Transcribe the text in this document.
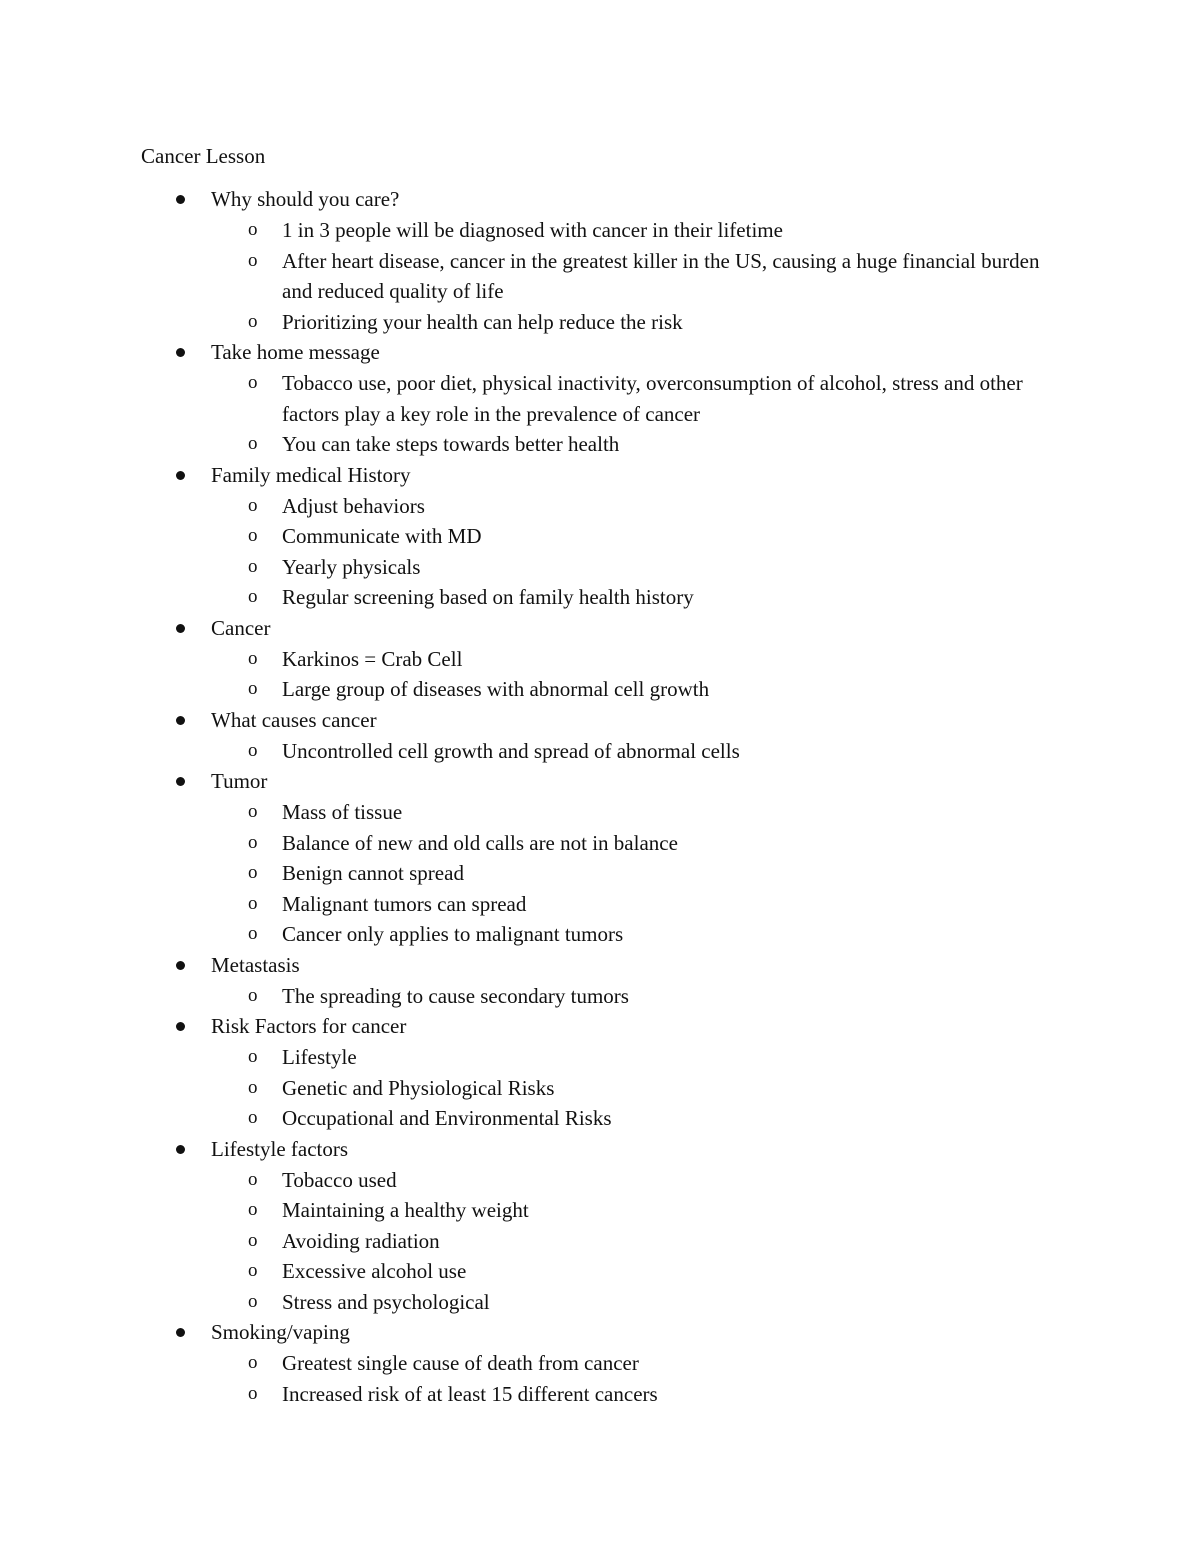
Cancer Lesson
Why should you care?
o 1 in 3 people will be diagnosed with cancer in their lifetime
o After heart disease, cancer in the greatest killer in the US, causing a huge financial burden and reduced quality of life
o Prioritizing your health can help reduce the risk
Take home message
o Tobacco use, poor diet, physical inactivity, overconsumption of alcohol, stress and other factors play a key role in the prevalence of cancer
o You can take steps towards better health
Family medical History
o Adjust behaviors
o Communicate with MD
o Yearly physicals
o Regular screening based on family health history
Cancer
o Karkinos = Crab Cell
o Large group of diseases with abnormal cell growth
What causes cancer
o Uncontrolled cell growth and spread of abnormal cells
Tumor
o Mass of tissue
o Balance of new and old calls are not in balance
o Benign cannot spread
o Malignant tumors can spread
o Cancer only applies to malignant tumors
Metastasis
o The spreading to cause secondary tumors
Risk Factors for cancer
o Lifestyle
o Genetic and Physiological Risks
o Occupational and Environmental Risks
Lifestyle factors
o Tobacco used
o Maintaining a healthy weight
o Avoiding radiation
o Excessive alcohol use
o Stress and psychological
Smoking/vaping
o Greatest single cause of death from cancer
o Increased risk of at least 15 different cancers
